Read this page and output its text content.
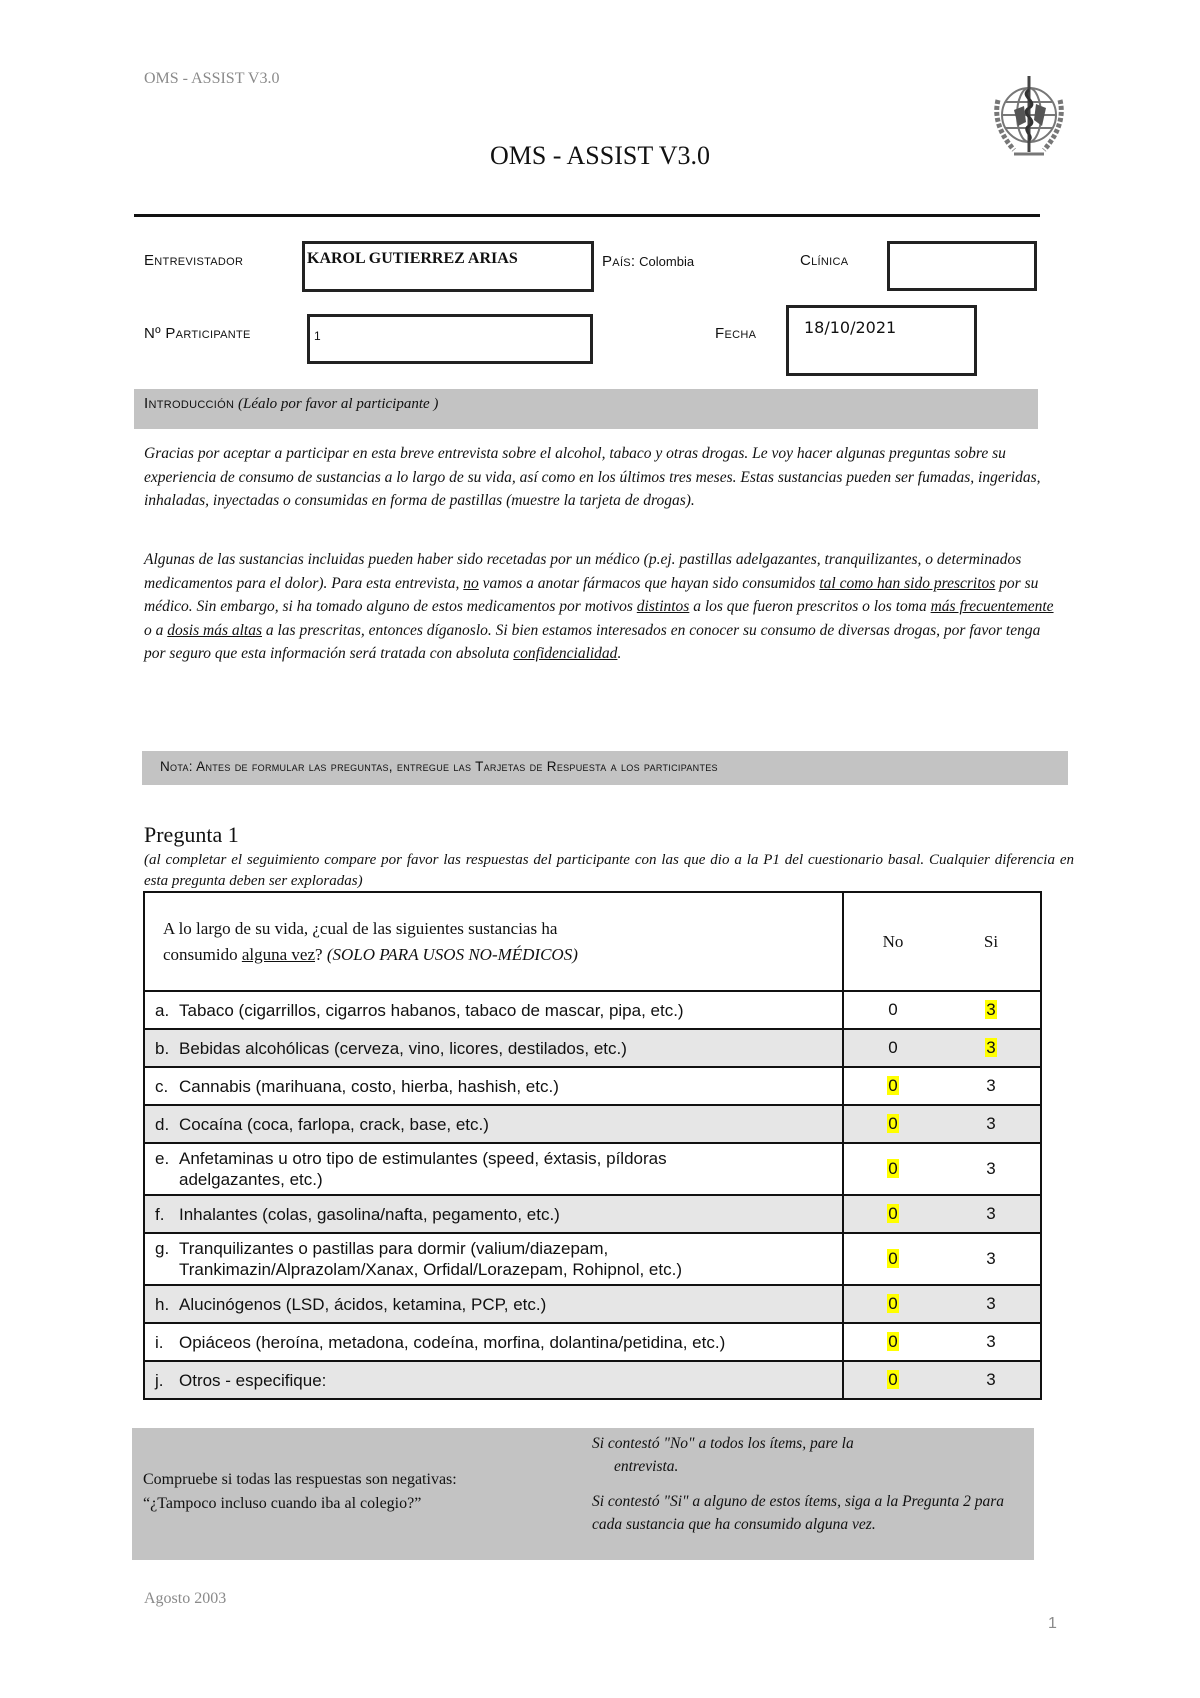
OMS - ASSIST V3.0
OMS - ASSIST V3.0
Entrevistador	KAROL GUTIERREZ ARIAS	País: Colombia	Clínica
Nº Participante	1	Fecha	18/10/2021
Introducción (Léalo por favor al participante )
Gracias por aceptar a participar en esta breve entrevista sobre el alcohol, tabaco y otras drogas. Le voy hacer algunas preguntas sobre su experiencia de consumo de sustancias a lo largo de su vida, así como en los últimos tres meses. Estas sustancias pueden ser fumadas, ingeridas, inhaladas, inyectadas o consumidas en forma de pastillas (muestre la tarjeta de drogas).
Algunas de las sustancias incluidas pueden haber sido recetadas por un médico (p.ej. pastillas adelgazantes, tranquilizantes, o determinados medicamentos para el dolor). Para esta entrevista, no vamos a anotar fármacos que hayan sido consumidos tal como han sido prescritos por su médico. Sin embargo, si ha tomado alguno de estos medicamentos por motivos distintos a los que fueron prescritos o los toma más frecuentemente o a dosis más altas a las prescritas, entonces díganoslo. Si bien estamos interesados en conocer su consumo de diversas drogas, por favor tenga por seguro que esta información será tratada con absoluta confidencialidad.
Nota: Antes de formular las preguntas, entregue las Tarjetas de Respuesta a los participantes
Pregunta 1
(al completar el seguimiento compare por favor las respuestas del participante con las que dio a la P1 del cuestionario basal. Cualquier diferencia en esta pregunta deben ser exploradas)
A lo largo de su vida, ¿cual de las siguientes sustancias ha
consumido alguna vez? (SOLO PARA USOS NO-MÉDICOS)	No	Si
a. Tabaco (cigarrillos, cigarros habanos, tabaco de mascar, pipa, etc.)	0	3
b. Bebidas alcohólicas (cerveza, vino, licores, destilados, etc.)	0	3
c. Cannabis (marihuana, costo, hierba, hashish, etc.)	0	3
d. Cocaína (coca, farlopa, crack, base, etc.)	0	3
e. Anfetaminas u otro tipo de estimulantes (speed, éxtasis, píldoras
adelgazantes, etc.)	0	3
f. Inhalantes (colas, gasolina/nafta, pegamento, etc.)	0	3
g. Tranquilizantes o pastillas para dormir (valium/diazepam,
Trankimazin/Alprazolam/Xanax, Orfidal/Lorazepam, Rohipnol, etc.)	0	3
h. Alucinógenos (LSD, ácidos, ketamina, PCP, etc.)	0	3
i. Opiáceos (heroína, metadona, codeína, morfina, dolantina/petidina, etc.)	0	3
j. Otros - especifique:	0	3
Compruebe si todas las respuestas son negativas:
“¿Tampoco incluso cuando iba al colegio?”
Si contestó "No" a todos los ítems, pare la
entrevista.
Si contestó "Si" a alguno de estos ítems, siga a la Pregunta 2 para cada sustancia que ha consumido alguna vez.
Agosto 2003
1
